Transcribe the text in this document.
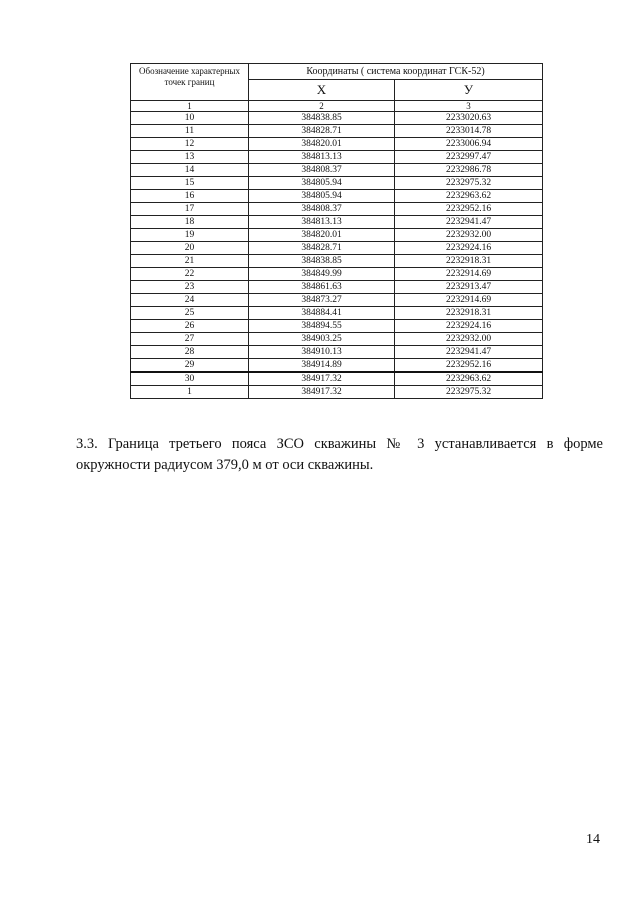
Обозначение характерных точек границ	Координаты ( система координат ГСК-52)	
	X	У
1	2	3
10	384838.85	2233020.63
11	384828.71	2233014.78
12	384820.01	2233006.94
13	384813.13	2232997.47
14	384808.37	2232986.78
15	384805.94	2232975.32
16	384805.94	2232963.62
17	384808.37	2232952.16
18	384813.13	2232941.47
19	384820.01	2232932.00
20	384828.71	2232924.16
21	384838.85	2232918.31
22	384849.99	2232914.69
23	384861.63	2232913.47
24	384873.27	2232914.69
25	384884.41	2232918.31
26	384894.55	2232924.16
27	384903.25	2232932.00
28	384910.13	2232941.47
29	384914.89	2232952.16
30	384917.32	2232963.62
1	384917.32	2232975.32

3.3. Граница третьего пояса ЗСО скважины № 3 устанавливается в форме окружности радиусом 379,0 м от оси скважины.

14
